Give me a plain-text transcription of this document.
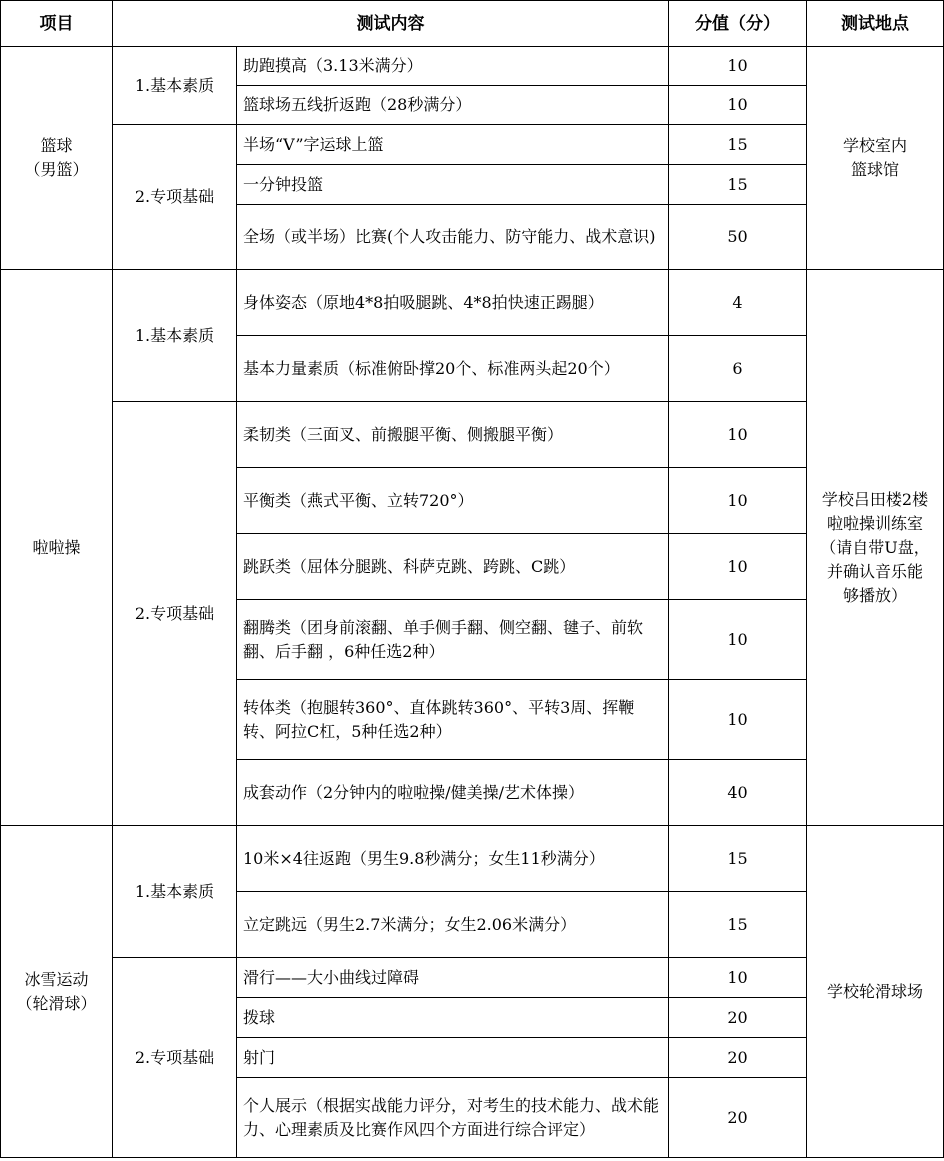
项目	测试内容		分值（分）	测试地点
篮球
（男篮）	1.基本素质	助跑摸高（3.13米满分）	10	学校室内
篮球馆
		篮球场五线折返跑（28秒满分）	10	
	2.专项基础	半场“V”字运球上篮	15	
		一分钟投篮	15	
		全场（或半场）比赛(个人攻击能力、防守能力、战术意识)	50	
啦啦操	1.基本素质	身体姿态（原地4*8拍吸腿跳、4*8拍快速正踢腿）	4	学校吕田楼2楼
啦啦操训练室
（请自带U盘，
并确认音乐能
够播放）
		基本力量素质（标准俯卧撑20个、标准两头起20个）	6	
	2.专项基础	柔韧类（三面叉、前搬腿平衡、侧搬腿平衡）	10	
		平衡类（燕式平衡、立转720°）	10	
		跳跃类（屈体分腿跳、科萨克跳、跨跳、C跳）	10	
		翻腾类（团身前滚翻、单手侧手翻、侧空翻、毽子、前软翻、后手翻 ，6种任选2种）	10	
		转体类（抱腿转360°、直体跳转360°、平转3周、挥鞭转、阿拉C杠，5种任选2种）	10	
		成套动作（2分钟内的啦啦操/健美操/艺术体操）	40	
冰雪运动
（轮滑球）	1.基本素质	10米×4往返跑（男生9.8秒满分；女生11秒满分）	15	学校轮滑球场
		立定跳远（男生2.7米满分；女生2.06米满分）	15	
	2.专项基础	滑行——大小曲线过障碍	10	
		拨球	20	
		射门	20	
		个人展示（根据实战能力评分，对考生的技术能力、战术能力、心理素质及比赛作风四个方面进行综合评定）	20	
